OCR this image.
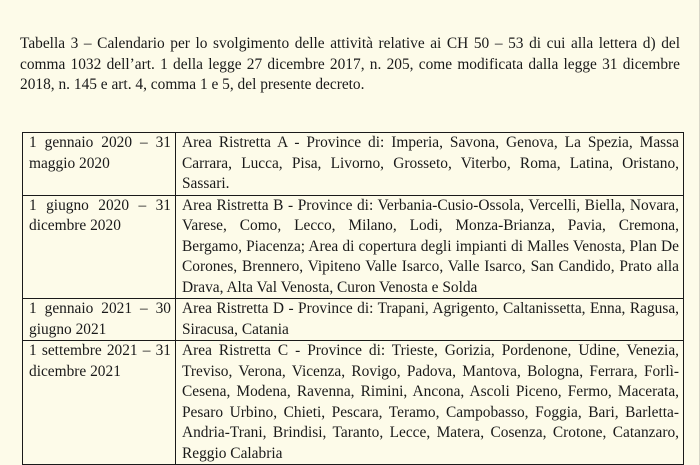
Tabella 3 – Calendario per lo svolgimento delle attività relative ai CH 50 – 53 di cui alla lettera d) del comma 1032 dell’art. 1 della legge 27 dicembre 2017, n. 205, come modificata dalla legge 31 dicembre 2018, n. 145 e art. 4, comma 1 e 5, del presente decreto.

1 gennaio 2020 – 31 maggio 2020	Area Ristretta A - Province di: Imperia, Savona, Genova, La Spezia, Massa Carrara, Lucca, Pisa, Livorno, Grosseto, Viterbo, Roma, Latina, Oristano, Sassari.
1 giugno 2020 – 31 dicembre 2020	Area Ristretta B - Province di: Verbania-Cusio-Ossola, Vercelli, Biella, Novara, Varese, Como, Lecco, Milano, Lodi, Monza-Brianza, Pavia, Cremona, Bergamo, Piacenza; Area di copertura degli impianti di Malles Venosta, Plan De Corones, Brennero, Vipiteno Valle Isarco, Valle Isarco, San Candido, Prato alla Drava, Alta Val Venosta, Curon Venosta e Solda
1 gennaio 2021 – 30 giugno 2021	Area Ristretta D - Province di: Trapani, Agrigento, Caltanissetta, Enna, Ragusa, Siracusa, Catania
1 settembre 2021 – 31 dicembre 2021	Area Ristretta C - Province di: Trieste, Gorizia, Pordenone, Udine, Venezia, Treviso, Verona, Vicenza, Rovigo, Padova, Mantova, Bologna, Ferrara, Forlì-Cesena, Modena, Ravenna, Rimini, Ancona, Ascoli Piceno, Fermo, Macerata, Pesaro Urbino, Chieti, Pescara, Teramo, Campobasso, Foggia, Bari, Barletta-Andria-Trani, Brindisi, Taranto, Lecce, Matera, Cosenza, Crotone, Catanzaro, Reggio Calabria
